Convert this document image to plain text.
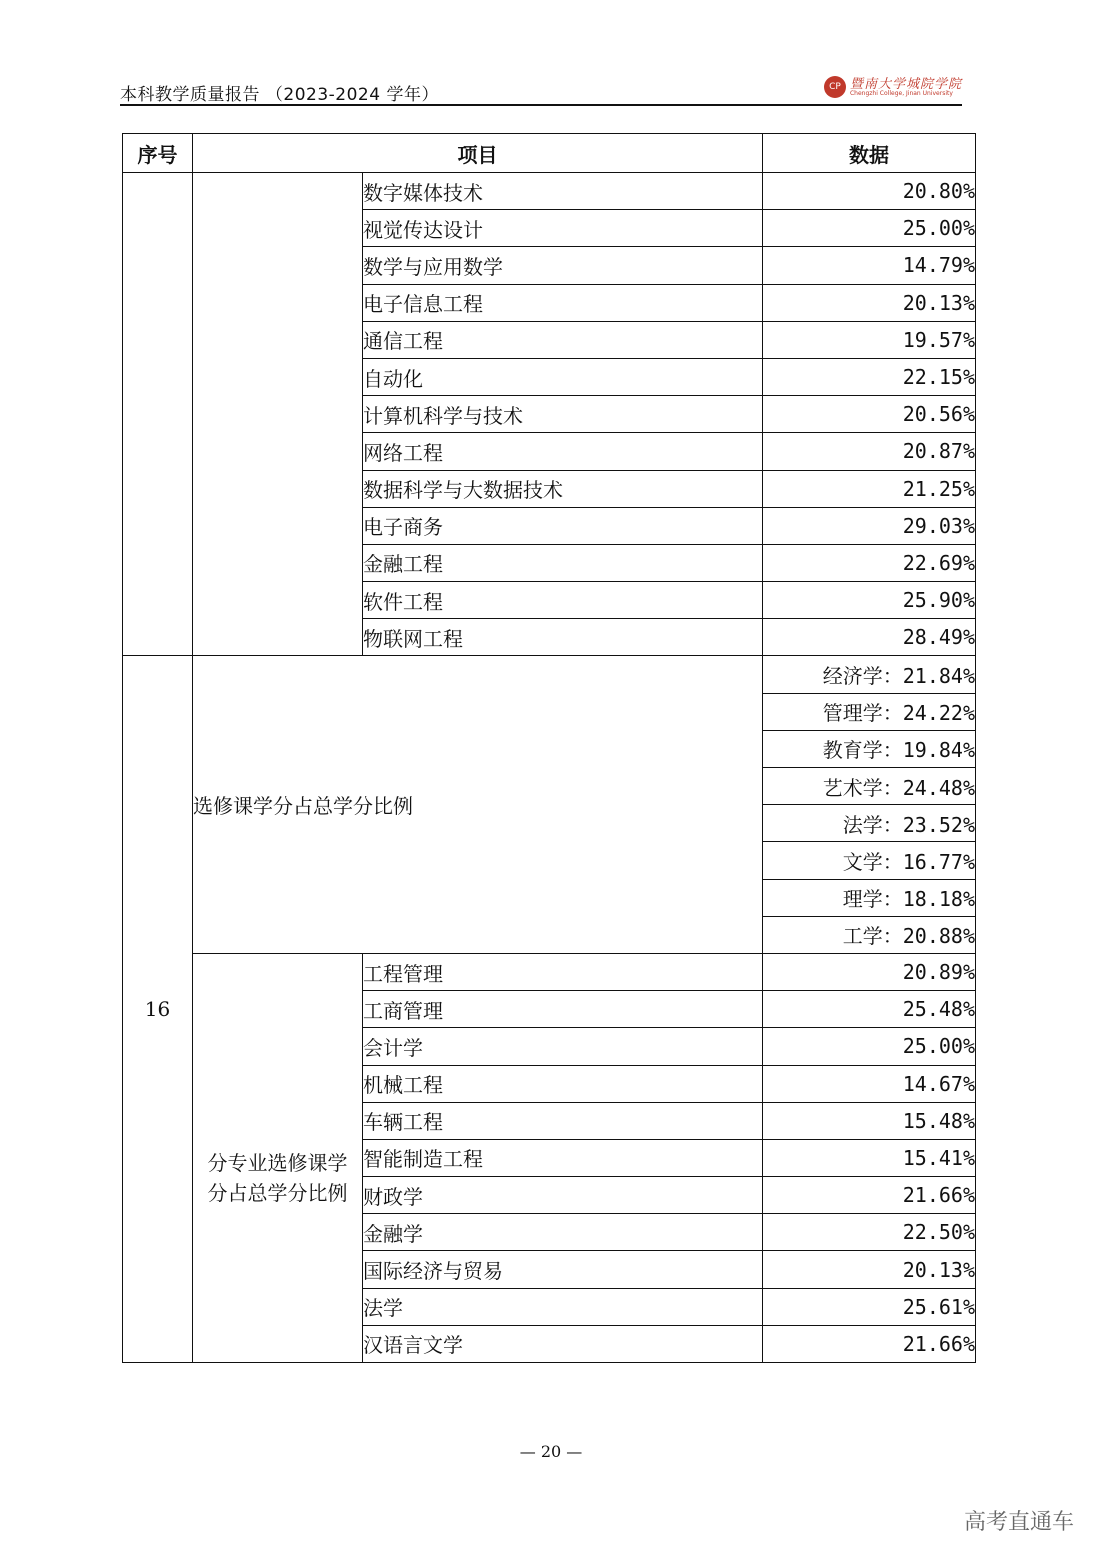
本科教学质量报告 （2023-2024 学年）	CP 暨南大学城院学院
Chengzhi College, Jinan University
序号	项目		数据
		数字媒体技术	20.80%
		视觉传达设计	25.00%
		数学与应用数学	14.79%
		电子信息工程	20.13%
		通信工程	19.57%
		自动化	22.15%
		计算机科学与技术	20.56%
		网络工程	20.87%
		数据科学与大数据技术	21.25%
		电子商务	29.03%
		金融工程	22.69%
		软件工程	25.90%
		物联网工程	28.49%
16	选修课学分占总学分比例		经济学：21.84%
			管理学：24.22%
			教育学：19.84%
			艺术学：24.48%
			法学：23.52%
			文学：16.77%
			理学：18.18%
			工学：20.88%
	分专业选修课学分占总学分比例	工程管理	20.89%
		工商管理	25.48%
		会计学	25.00%
		机械工程	14.67%
		车辆工程	15.48%
		智能制造工程	15.41%
		财政学	21.66%
		金融学	22.50%
		国际经济与贸易	20.13%
		法学	25.61%
		汉语言文学	21.66%
— 20 —
高考直通车
